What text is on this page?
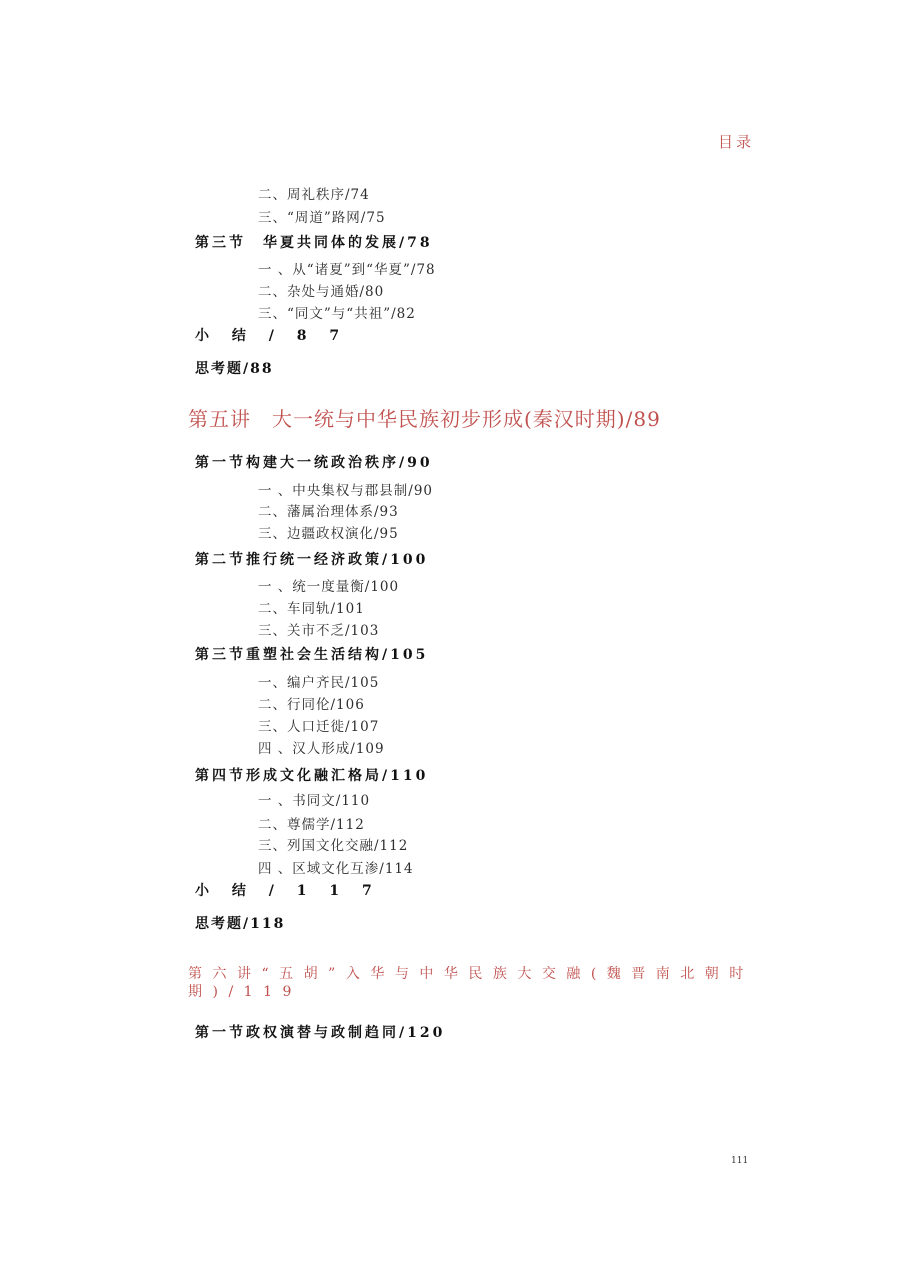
目录
二、周礼秩序/74
三、“周道”路网/75
第三节　华夏共同体的发展/78
一 、从“诸夏”到“华夏”/78
二、杂处与通婚/80
三、“同文”与“共祖”/82
小 结 / 8 7
思考题/88
第五讲　大一统与中华民族初步形成(秦汉时期)/89
第一节构建大一统政治秩序/90
一 、中央集权与郡县制/90
二、藩属治理体系/93
三、边疆政权演化/95
第二节推行统一经济政策/100
一 、统一度量衡/100
二、车同轨/101
三、关市不乏/103
第三节重塑社会生活结构/105
一、编户齐民/105
二、行同伦/106
三、人口迁徙/107
四 、汉人形成/109
第四节形成文化融汇格局/110
一 、书同文/110
二、尊儒学/112
三、列国文化交融/112
四 、区域文化互渗/114
小 结 / 1 1 7
思考题/118
第六讲“五胡”入华与中华民族大交融(魏晋南北朝时期)/119
第一节政权演替与政制趋同/120
111
